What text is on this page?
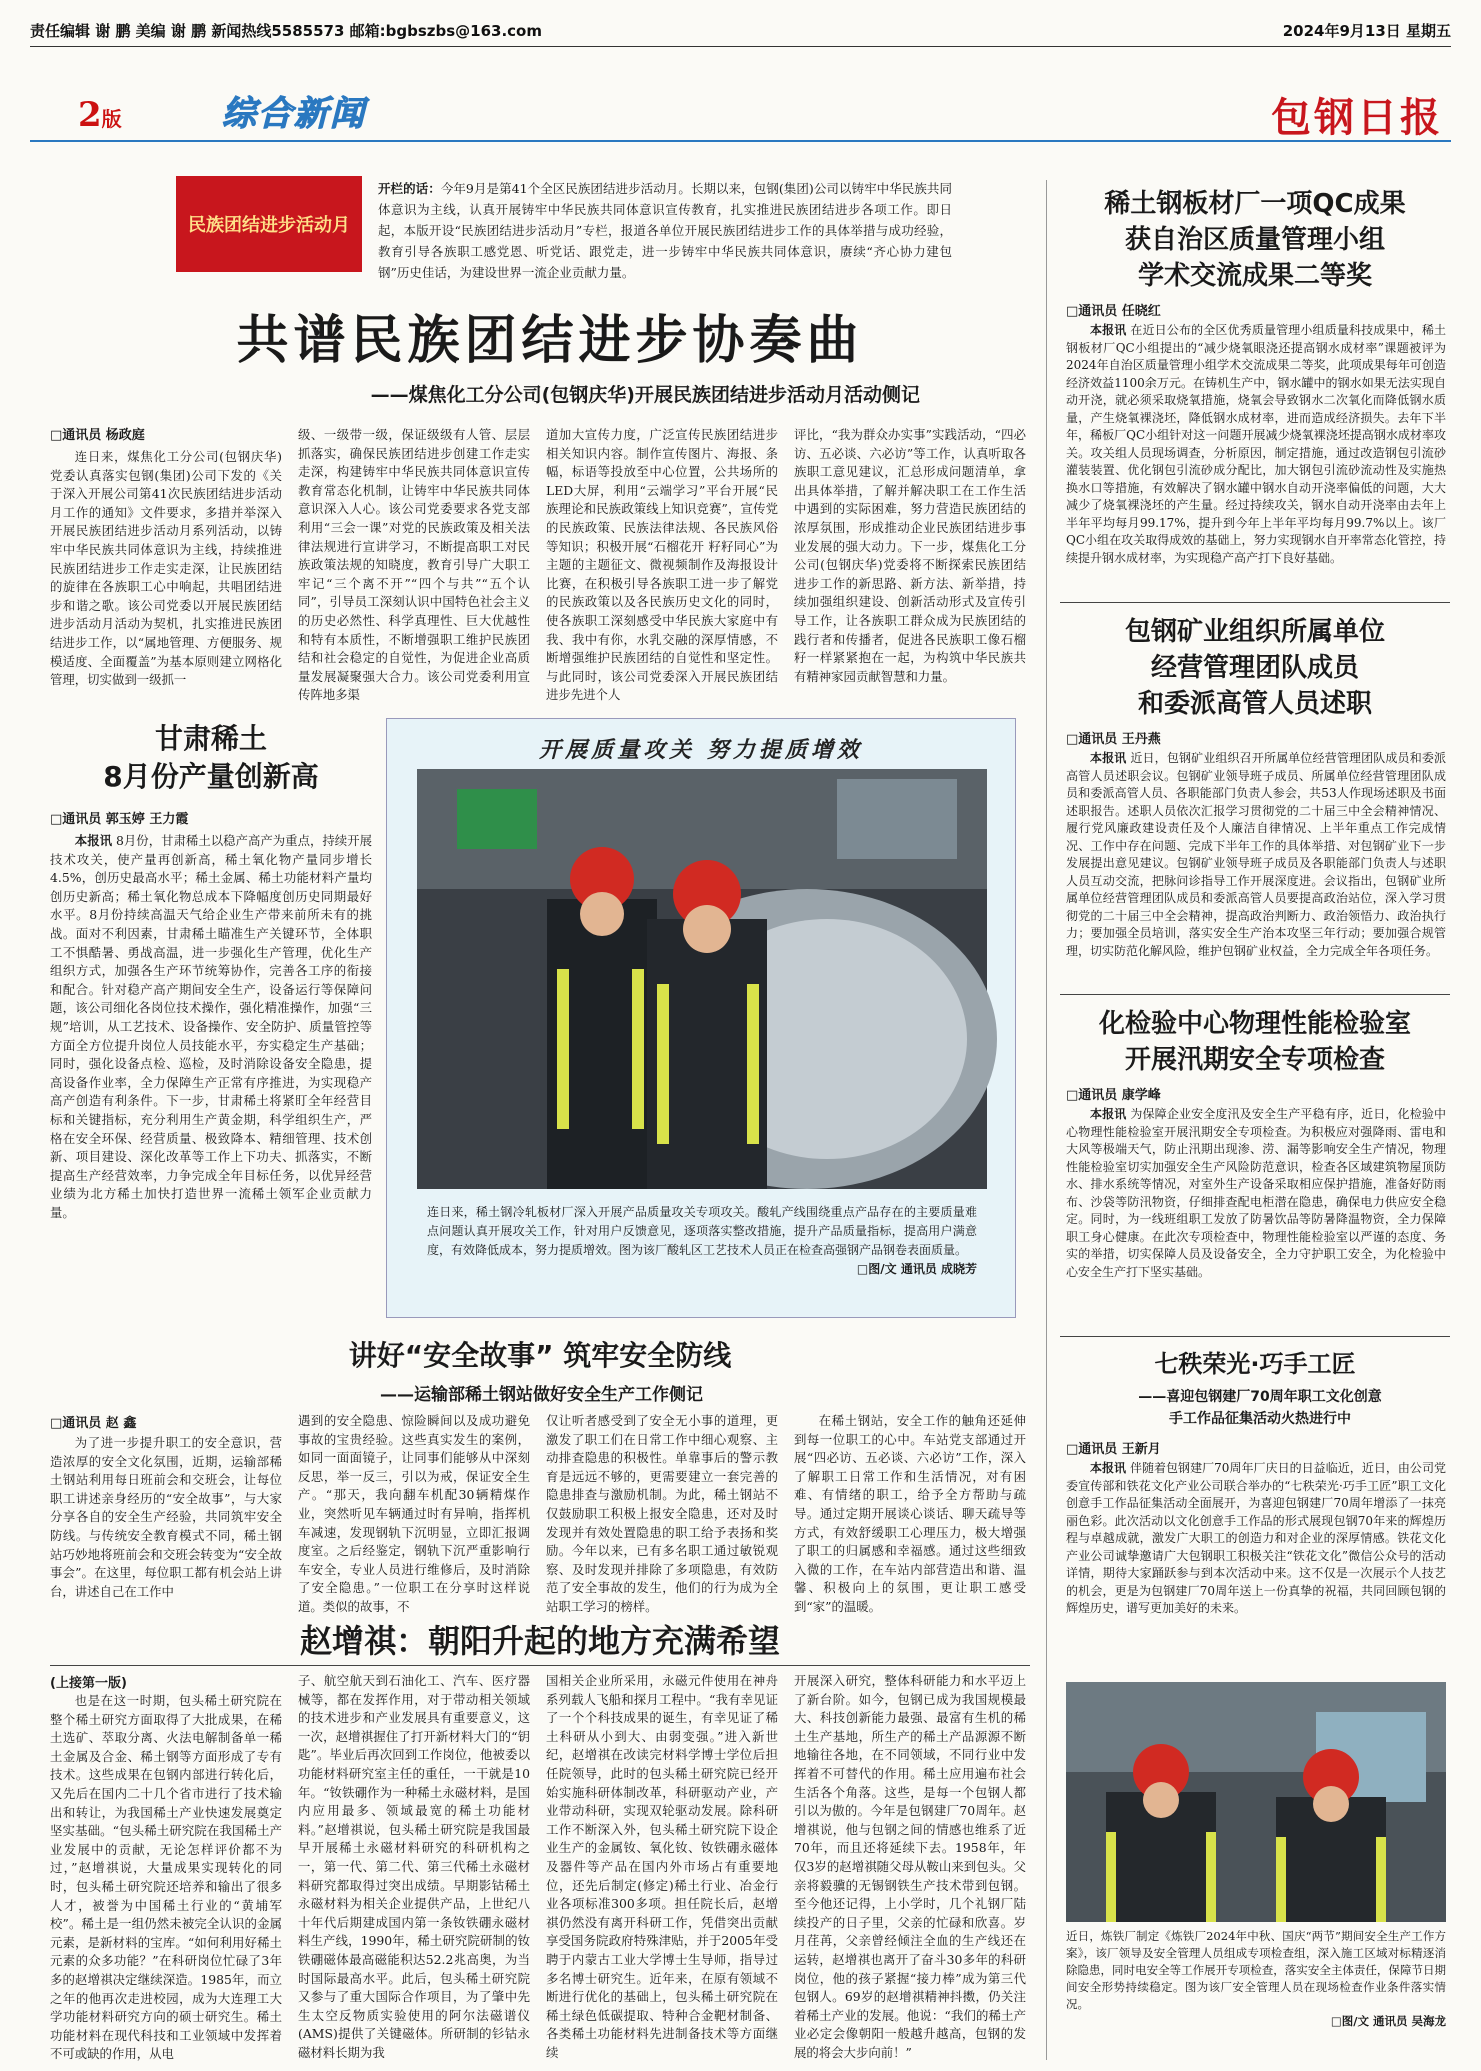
责任编辑 谢 鹏 美编 谢 鹏 新闻热线5585573 邮箱:bgbszbs@163.com	2024年9月13日 星期五
2版	综合新闻	包钢日报
民族团结进步活动月
开栏的话：今年9月是第41个全区民族团结进步活动月。长期以来，包钢(集团)公司以铸牢中华民族共同体意识为主线，认真开展铸牢中华民族共同体意识宣传教育，扎实推进民族团结进步各项工作。即日起，本版开设“民族团结进步活动月”专栏，报道各单位开展民族团结进步工作的具体举措与成功经验，教育引导各族职工感党恩、听党话、跟党走，进一步铸牢中华民族共同体意识，赓续“齐心协力建包钢”历史佳话，为建设世界一流企业贡献力量。
共谱民族团结进步协奏曲
——煤焦化工分公司(包钢庆华)开展民族团结进步活动月活动侧记
□通讯员 杨政庭

连日来，煤焦化工分公司(包钢庆华)党委认真落实包钢(集团)公司下发的《关于深入开展公司第41次民族团结进步活动月工作的通知》文件要求，多措并举深入开展民族团结进步活动月系列活动，以铸牢中华民族共同体意识为主线，持续推进民族团结进步工作走实走深，让民族团结的旋律在各族职工心中响起，共唱团结进步和谐之歌。该公司党委以开展民族团结进步活动月活动为契机，扎实推进民族团结进步工作，以“属地管理、方便服务、规模适度、全面覆盖”为基本原则建立网格化管理，切实做到一级抓一

级、一级带一级，保证级级有人管、层层抓落实，确保民族团结进步创建工作走实走深，构建铸牢中华民族共同体意识宣传教育常态化机制，让铸牢中华民族共同体意识深入人心。该公司党委要求各党支部利用“三会一课”对党的民族政策及相关法律法规进行宣讲学习，不断提高职工对民族政策法规的知晓度，教育引导广大职工牢记“三个离不开”“四个与共”“五个认同”，引导员工深刻认识中国特色社会主义的历史必然性、科学真理性、巨大优越性和特有本质性，不断增强职工维护民族团结和社会稳定的自觉性，为促进企业高质量发展凝聚强大合力。该公司党委利用宣传阵地多渠

道加大宣传力度，广泛宣传民族团结进步相关知识内容。制作宣传图片、海报、条幅，标语等投放至中心位置，公共场所的LED大屏，利用“云端学习”平台开展“民族理论和民族政策线上知识竞赛”，宣传党的民族政策、民族法律法规、各民族风俗等知识；积极开展“石榴花开 籽籽同心”为主题的主题征文、微视频制作及海报设计比赛，在积极引导各族职工进一步了解党的民族政策以及各民族历史文化的同时，使各族职工深刻感受中华民族大家庭中有我、我中有你，水乳交融的深厚情感，不断增强维护民族团结的自觉性和坚定性。与此同时，该公司党委深入开展民族团结进步先进个人

评比，“我为群众办实事”实践活动，“四必访、五必谈、六必访”等工作，认真听取各族职工意见建议，汇总形成问题清单，拿出具体举措，了解并解决职工在工作生活中遇到的实际困难，努力营造民族团结的浓厚氛围，形成推动企业民族团结进步事业发展的强大动力。下一步，煤焦化工分公司(包钢庆华)党委将不断探索民族团结进步工作的新思路、新方法、新举措，持续加强组织建设、创新活动形式及宣传引导工作，让各族职工群众成为民族团结的践行者和传播者，促进各民族职工像石榴籽一样紧紧抱在一起，为构筑中华民族共有精神家园贡献智慧和力量。

甘肃稀土
8月份产量创新高
□通讯员 郭玉婷 王力霞

本报讯 8月份，甘肃稀土以稳产高产为重点，持续开展技术攻关，使产量再创新高，稀土氧化物产量同步增长4.5%，创历史最高水平；稀土金属、稀土功能材料产量均创历史新高；稀土氧化物总成本下降幅度创历史同期最好水平。8月份持续高温天气给企业生产带来前所未有的挑战。面对不利因素，甘肃稀土瞄准生产关键环节，全体职工不惧酷暑、勇战高温，进一步强化生产管理，优化生产组织方式，加强各生产环节统筹协作，完善各工序的衔接和配合。针对稳产高产期间安全生产，设备运行等保障问题，该公司细化各岗位技术操作，强化精准操作，加强“三规”培训，从工艺技术、设备操作、安全防护、质量管控等方面全方位提升岗位人员技能水平，夯实稳定生产基础；同时，强化设备点检、巡检，及时消除设备安全隐患，提高设备作业率，全力保障生产正常有序推进，为实现稳产高产创造有利条件。下一步，甘肃稀土将紧盯全年经营目标和关键指标，充分利用生产黄金期，科学组织生产，严格在安全环保、经营质量、极致降本、精细管理、技术创新、项目建设、深化改革等工作上下功夫、抓落实，不断提高生产经营效率，力争完成全年目标任务，以优异经营业绩为北方稀土加快打造世界一流稀土领军企业贡献力量。

开展质量攻关 努力提质增效
连日来，稀土钢冷轧板材厂深入开展产品质量攻关专项攻关。酸轧产线围绕重点产品存在的主要质量难点问题认真开展攻关工作，针对用户反馈意见，逐项落实整改措施，提升产品质量指标，提高用户满意度，有效降低成本，努力提质增效。图为该厂酸轧区工艺技术人员正在检查高强钢产品钢卷表面质量。
□图/文 通讯员 成晓芳
讲好“安全故事” 筑牢安全防线
——运输部稀土钢站做好安全生产工作侧记
□通讯员 赵 鑫

为了进一步提升职工的安全意识，营造浓厚的安全文化氛围，近期，运输部稀土钢站利用每日班前会和交班会，让每位职工讲述亲身经历的“安全故事”，与大家分享各自的安全生产经验，共同筑牢安全防线。与传统安全教育模式不同，稀土钢站巧妙地将班前会和交班会转变为“安全故事会”。在这里，每位职工都有机会站上讲台，讲述自己在工作中

遇到的安全隐患、惊险瞬间以及成功避免事故的宝贵经验。这些真实发生的案例，如同一面面镜子，让同事们能够从中深刻反思，举一反三，引以为戒，保证安全生产。“那天，我向翻车机配30辆精煤作业，突然听见车辆通过时有异响，指挥机车减速，发现钢轨下沉明显，立即汇报调度室。之后经鉴定，钢轨下沉严重影响行车安全，专业人员进行维修后，及时消除了安全隐患。”一位职工在分享时这样说道。类似的故事，不

仅让听者感受到了安全无小事的道理，更激发了职工们在日常工作中细心观察、主动排查隐患的积极性。单靠事后的警示教育是远远不够的，更需要建立一套完善的隐患排查与激励机制。为此，稀土钢站不仅鼓励职工积极上报安全隐患，还对及时发现并有效处置隐患的职工给予表扬和奖励。今年以来，已有多名职工通过敏锐观察、及时发现并排除了多项隐患，有效防范了安全事故的发生，他们的行为成为全站职工学习的榜样。

在稀土钢站，安全工作的触角还延伸到每一位职工的心中。车站党支部通过开展“四必访、五必谈、六必访”工作，深入了解职工日常工作和生活情况，对有困难、有情绪的职工，给予全方帮助与疏导。通过定期开展谈心谈话、聊天疏导等方式，有效舒缓职工心理压力，极大增强了职工的归属感和幸福感。通过这些细致入微的工作，在车站内部营造出和谐、温馨、积极向上的氛围，更让职工感受到“家”的温暖。

赵增祺：朝阳升起的地方充满希望
(上接第一版)

也是在这一时期，包头稀土研究院在整个稀土研究方面取得了大批成果，在稀土选矿、萃取分离、火法电解制备单一稀土金属及合金、稀土钢等方面形成了专有技术。这些成果在包钢内部进行转化后，又先后在国内二十几个省市进行了技术输出和转让，为我国稀土产业快速发展奠定坚实基础。“包头稀土研究院在我国稀土产业发展中的贡献，无论怎样评价都不为过，”赵增祺说，大量成果实现转化的同时，包头稀土研究院还培养和输出了很多人才，被誉为中国稀土行业的“黄埔军校”。稀土是一组仍然未被完全认识的金属元素，是新材料的宝库。“如何利用好稀土元素的众多功能？”在科研岗位忙碌了3年多的赵增祺决定继续深造。1985年，而立之年的他再次走进校园，成为大连理工大学功能材料研究方向的硕士研究生。稀土功能材料在现代科技和工业领域中发挥着不可或缺的作用，从电

子、航空航天到石油化工、汽车、医疗器械等，都在发挥作用，对于带动相关领域的技术进步和产业发展具有重要意义，这一次，赵增祺握住了打开新材料大门的“钥匙”。毕业后再次回到工作岗位，他被委以功能材料研究室主任的重任，一干就是10年。“钕铁硼作为一种稀土永磁材料，是国内应用最多、领域最宽的稀土功能材料。”赵增祺说，包头稀土研究院是我国最早开展稀土永磁材料研究的科研机构之一，第一代、第二代、第三代稀土永磁材料研究都取得过突出成绩。早期影钴稀土永磁材料为相关企业提供产品，上世纪八十年代后期建成国内第一条钕铁硼永磁材料生产线，1990年，稀土研究院研制的钕铁硼磁体最高磁能积达52.2兆高奥，为当时国际最高水平。此后，包头稀土研究院又参与了重大国际合作项目，为了肇中先生太空反物质实验使用的阿尔法磁谱仪(AMS)提供了关键磁体。所研制的钐钴永磁材料长期为我

国相关企业所采用，永磁元件使用在神舟系列载人飞船和探月工程中。“我有幸见证了一个个科技成果的诞生，有幸见证了稀土科研从小到大、由弱变强。”进入新世纪，赵增祺在改读完材料学博士学位后担任院领导，此时的包头稀土研究院已经开始实施科研体制改革，科研驱动产业，产业带动科研，实现双轮驱动发展。除科研工作不断深入外，包头稀土研究院下设企业生产的金属钕、氧化钕、钕铁硼永磁体及器件等产品在国内外市场占有重要地位，还先后制定(修定)稀土行业、冶金行业各项标准300多项。担任院长后，赵增祺仍然没有离开科研工作，凭借突出贡献享受国务院政府特殊津贴，并于2005年受聘于内蒙古工业大学博士生导师，指导过多名博士研究生。近年来，在原有领域不断进行优化的基础上，包头稀土研究院在稀土绿色低碳提取、特种合金靶材制备、各类稀土功能材料先进制备技术等方面继续

开展深入研究，整体科研能力和水平迈上了新台阶。如今，包钢已成为我国规模最大、科技创新能力最强、最富有生机的稀土生产基地，所生产的稀土产品源源不断地输往各地，在不同领域，不同行业中发挥着不可替代的作用。稀土应用遍布社会生活各个角落。这些，是每一个包钢人都引以为傲的。今年是包钢建厂70周年。赵增祺说，他与包钢之间的情感也维系了近70年，而且还将延续下去。1958年，年仅3岁的赵增祺随父母从鞍山来到包头。父亲将毅骥的无锡钢铁生产技术带到包钢。至今他还记得，上小学时，几个礼钢厂陆续投产的日子里，父亲的忙碌和欣喜。岁月荏苒，父亲曾经倾注全血的生产线还在运转，赵增祺也离开了奋斗30多年的科研岗位，他的孩子紧握“接力棒”成为第三代包钢人。69岁的赵增祺精神抖擞，仍关注着稀土产业的发展。他说：“我们的稀土产业必定会像朝阳一般越升越高，包钢的发展的将会大步向前！”

稀土钢板材厂一项QC成果
获自治区质量管理小组
学术交流成果二等奖
□通讯员 任晓红

本报讯 在近日公布的全区优秀质量管理小组质量科技成果中，稀土钢板材厂QC小组提出的“减少烧氧眼浇还提高钢水成材率”课题被评为2024年自治区质量管理小组学术交流成果二等奖，此项成果每年可创造经济效益1100余万元。在铸机生产中，钢水罐中的钢水如果无法实现自动开浇，就必须采取烧氧措施，烧氧会导致钢水二次氧化而降低钢水质量，产生烧氧裸浇坯，降低钢水成材率，进而造成经济损失。去年下半年，稀板厂QC小组针对这一问题开展减少烧氧裸浇坯提高钢水成材率攻关。攻关组人员现场调查，分析原因，制定措施，通过改造钢包引流砂灌装装置、优化钢包引流砂成分配比，加大钢包引流砂流动性及实施热换水口等措施，有效解决了钢水罐中钢水自动开浇率偏低的问题，大大减少了烧氧裸浇坯的产生量。经过持续攻关，钢水自动开浇率由去年上半年平均每月99.17%，提升到今年上半年平均每月99.7%以上。该厂QC小组在攻关取得成效的基础上，努力实现钢水自开率常态化管控，持续提升钢水成材率，为实现稳产高产打下良好基础。

包钢矿业组织所属单位
经营管理团队成员
和委派高管人员述职
□通讯员 王丹燕

本报讯 近日，包钢矿业组织召开所属单位经营管理团队成员和委派高管人员述职会议。包钢矿业领导班子成员、所属单位经营管理团队成员和委派高管人员、各职能部门负责人参会，共53人作现场述职及书面述职报告。述职人员依次汇报学习贯彻党的二十届三中全会精神情况、履行党风廉政建设责任及个人廉洁自律情况、上半年重点工作完成情况、工作中存在问题、完成下半年工作的具体举措、对包钢矿业下一步发展提出意见建议。包钢矿业领导班子成员及各职能部门负责人与述职人员互动交流，把脉问诊指导工作开展深度进。会议指出，包钢矿业所属单位经营管理团队成员和委派高管人员要提高政治站位，深入学习贯彻党的二十届三中全会精神，提高政治判断力、政治领悟力、政治执行力；要加强全员培训，落实安全生产治本攻坚三年行动；要加强合规管理，切实防范化解风险，维护包钢矿业权益，全力完成全年各项任务。

化检验中心物理性能检验室
开展汛期安全专项检查
□通讯员 康学峰

本报讯 为保障企业安全度汛及安全生产平稳有序，近日，化检验中心物理性能检验室开展汛期安全专项检查。为积极应对强降雨、雷电和大风等极端天气，防止汛期出现渗、涝、漏等影响安全生产情况，物理性能检验室切实加强安全生产风险防范意识，检查各区域建筑物屋顶防水、排水系统等情况，对室外生产设备采取相应保护措施，准备好防雨布、沙袋等防汛物资，仔细排查配电柜潜在隐患，确保电力供应安全稳定。同时，为一线班组职工发放了防暑饮品等防暑降温物资，全力保障职工身心健康。在此次专项检查中，物理性能检验室以严谨的态度、务实的举措，切实保障人员及设备安全，全力守护职工安全，为化检验中心安全生产打下坚实基础。

七秩荣光·巧手工匠
——喜迎包钢建厂70周年职工文化创意
手工作品征集活动火热进行中
□通讯员 王新月

本报讯 伴随着包钢建厂70周年厂庆日的日益临近，近日，由公司党委宣传部和铁花文化产业公司联合举办的“七秩荣光·巧手工匠”职工文化创意手工作品征集活动全面展开，为喜迎包钢建厂70周年增添了一抹亮丽色彩。此次活动以文化创意手工作品的形式展现包钢70年来的辉煌历程与卓越成就，激发广大职工的创造力和对企业的深厚情感。铁花文化产业公司诚挚邀请广大包钢职工积极关注“铁花文化”微信公众号的活动详情，期待大家踊跃参与到本次活动中来。这不仅是一次展示个人技艺的机会，更是为包钢建厂70周年送上一份真挚的祝福，共同回顾包钢的辉煌历史，谱写更加美好的未来。

近日，炼铁厂制定《炼铁厂2024年中秋、国庆“两节”期间安全生产工作方案》，该厂领导及安全管理人员组成专项检查组，深入施工区域对标精逐消除隐患，同时电安全等工作展开专项检查，落实安全主体责任，保障节日期间安全形势持续稳定。图为该厂安全管理人员在现场检查作业条件落实情况。
□图/文 通讯员 吴海龙
